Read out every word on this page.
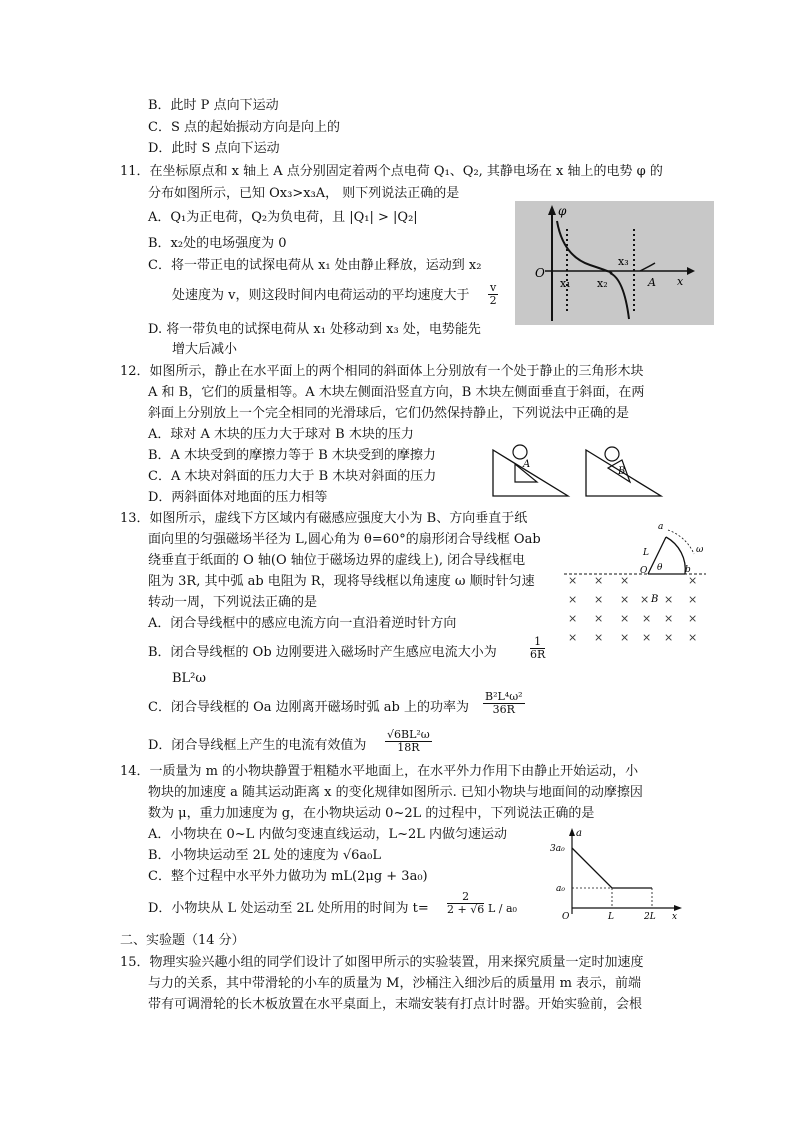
B．此时 P 点向下运动
C．S 点的起始振动方向是向上的
D．此时 S 点向下运动
11．在坐标原点和 x 轴上 A 点分别固定着两个点电荷 Q₁、Q₂, 其静电场在 x 轴上的电势 φ 的
分布如图所示，已知 Ox₃>x₃A， 则下列说法正确的是
A．Q₁为正电荷，Q₂为负电荷，且 |Q₁| > |Q₂|
B．x₂处的电场强度为 0
C．将一带正电的试探电荷从 x₁ 处由静止释放，运动到 x₂
处速度为 v，则这段时间内电荷运动的平均速度大于
D. 将一带负电的试探电荷从 x₁ 处移动到 x₃ 处，电势能先
增大后减小
12．如图所示，静止在水平面上的两个相同的斜面体上分别放有一个处于静止的三角形木块
A 和 B，它们的质量相等。A 木块左侧面沿竖直方向，B 木块左侧面垂直于斜面，在两
斜面上分别放上一个完全相同的光滑球后，它们仍然保持静止，下列说法中正确的是
A．球对 A 木块的压力大于球对 B 木块的压力
B．A 木块受到的摩擦力等于 B 木块受到的摩擦力
C．A 木块对斜面的压力大于 B 木块对斜面的压力
D．两斜面体对地面的压力相等
13．如图所示，虚线下方区域内有磁感应强度大小为 B、方向垂直于纸
面向里的匀强磁场半径为 L,圆心角为 θ=60°的扇形闭合导线框 Oab
绕垂直于纸面的 O 轴(O 轴位于磁场边界的虚线上), 闭合导线框电
阻为 3R, 其中弧 ab 电阻为 R，现将导线框以角速度 ω 顺时针匀速
转动一周，下列说法正确的是
A．闭合导线框中的感应电流方向一直沿着逆时针方向
B．闭合导线框的 Ob 边刚要进入磁场时产生感应电流大小为
BL²ω
C．闭合导线框的 Oa 边刚离开磁场时弧 ab 上的功率为
D．闭合导线框上产生的电流有效值为
14．一质量为 m 的小物块静置于粗糙水平地面上，在水平外力作用下由静止开始运动，小
物块的加速度 a 随其运动距离 x 的变化规律如图所示. 已知小物块与地面间的动摩擦因
数为 μ，重力加速度为 g，在小物块运动 0~2L 的过程中，下列说法正确的是
A．小物块在 0~L 内做匀变速直线运动，L~2L 内做匀速运动
B．小物块运动至 2L 处的速度为 √6a₀L
C．整个过程中水平外力做功为 mL(2μg + 3a₀)
D．小物块从 L 处运动至 2L 处所用的时间为 t=
二、实验题（14 分）
15．物理实验兴趣小组的同学们设计了如图甲所示的实验装置，用来探究质量一定时加速度
与力的关系，其中带滑轮的小车的质量为 M，沙桶注入细沙后的质量用 m 表示，前端
带有可调滑轮的长木板放置在水平桌面上，末端安装有打点计时器。开始实验前，会根
$\frac{v}{2}$
$\frac{1}{6R}$
$\frac{\text{B²L⁴ω²}}{36R}$
$\frac{\text{√6BL²ω}}{18R}$
$\frac{2}{2 + √6}$ L / a₀
φ
O
x₁ x₂
x₃
A x
A
B
a
L
O θ	b
ω
× × ×	×
× × × × × ×
× × × × × ×
× × × × × ×
B
a
3a₀
a₀
O	L	2L x
